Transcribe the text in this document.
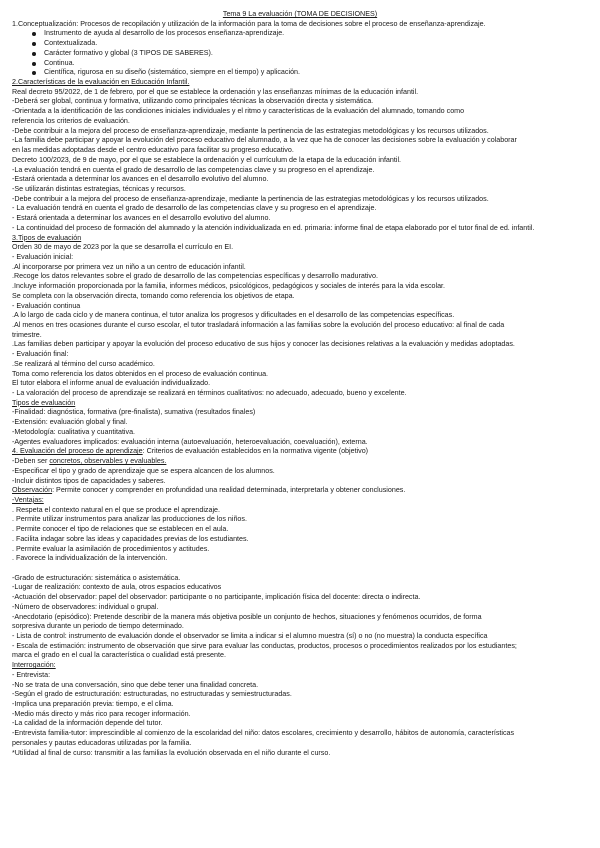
Tema 9 La evaluación (TOMA DE DECISIONES)
1.Conceptualización: Procesos de recopilación y utilización de la información para la toma de decisiones sobre el proceso de enseñanza-aprendizaje.
Instrumento de ayuda al desarrollo de los procesos enseñanza-aprendizaje.
Contextualizada.
Carácter formativo y global (3 TIPOS DE SABERES).
Continua.
Científica, rigurosa en su diseño (sistemático, siempre en el tiempo) y aplicación.
2.Características de la evaluación en Educación Infantil.
Real decreto 95/2022, de 1 de febrero, por el que se establece la ordenación y las enseñanzas mínimas de la educación infantil.
-Deberá ser global, continua y formativa, utilizando como principales técnicas la observación directa y sistemática.
-Orientada a la identificación de las condiciones iniciales individuales y el ritmo y características de la evaluación del alumnado, tomando como
referencia los criterios de evaluación.
-Debe contribuir a la mejora del proceso de enseñanza-aprendizaje, mediante la pertinencia de las estrategias metodológicas y los recursos utilizados.
-La familia debe participar y apoyar la evolución del proceso educativo del alumnado, a la vez que ha de conocer las decisiones sobre la evaluación y colaborar
en las medidas adoptadas desde el centro educativo para facilitar su progreso educativo.
Decreto 100/2023, de 9 de mayo, por el que se establece la ordenación y el currículum de la etapa de la educación infantil.
-La evaluación tendrá en cuenta el grado de desarrollo de las competencias clave y su progreso en el aprendizaje.
-Estará orientada a determinar los avances en el desarrollo evolutivo del alumno.
-Se utilizarán distintas estrategias, técnicas y recursos.
-Debe contribuir a la mejora del proceso de enseñanza-aprendizaje, mediante la pertinencia de las estrategias metodológicas y los recursos utilizados.
- La evaluación tendrá en cuenta el grado de desarrollo de las competencias clave y su progreso en el aprendizaje.
- Estará orientada a determinar los avances en el desarrollo evolutivo del alumno.
- La continuidad del proceso de formación del alumnado y la atención individualizada en ed. primaria: informe final de etapa elaborado por el tutor final de ed. infantil.
3.Tipos de evaluación
Orden 30 de mayo de 2023 por la que se desarrolla el currículo en EI.
- Evaluación inicial:
.Al incorporarse por primera vez un niño a un centro de educación infantil.
.Recoge los datos relevantes sobre el grado de desarrollo de las competencias específicas y desarrollo madurativo.
.Incluye información proporcionada por la familia, informes médicos, psicológicos, pedagógicos y sociales de interés para la vida escolar.
Se completa con la observación directa, tomando como referencia los objetivos de etapa.
- Evaluación continua
.A lo largo de cada ciclo y de manera continua, el tutor analiza los progresos y dificultades en el desarrollo de las competencias específicas.
.Al menos en tres ocasiones durante el curso escolar, el tutor trasladará información a las familias sobre la evolución del proceso educativo: al final de cada
trimestre.
.Las familias deben participar y apoyar la evolución del proceso educativo de sus hijos y conocer las decisiones relativas a la evaluación y medidas adoptadas.
- Evaluación final:
.Se realizará al término del curso académico.
Toma como referencia los datos obtenidos en el proceso de evaluación continua.
El tutor elabora el informe anual de evaluación individualizado.
- La valoración del proceso de aprendizaje se realizará en términos cualitativos: no adecuado, adecuado, bueno y excelente.
Tipos de evaluación
-Finalidad: diagnóstica, formativa (pre-finalista), sumativa (resultados finales)
-Extensión: evaluación global y final.
-Metodología: cualitativa y cuantitativa.
-Agentes evaluadores implicados: evaluación interna (autoevaluación, heteroevaluación, coevaluación), externa.
4. Evaluación del proceso de aprendizaje: Criterios de evaluación establecidos en la normativa vigente (objetivo)
-Deben ser concretos, observables y evaluables.
-Especificar el tipo y grado de aprendizaje que se espera alcancen de los alumnos.
-Incluir distintos tipos de capacidades y saberes.
Observación: Permite conocer y comprender en profundidad una realidad determinada, interpretarla y obtener conclusiones.
-Ventajas:
. Respeta el contexto natural en el que se produce el aprendizaje.
. Permite utilizar instrumentos para analizar las producciones de los niños.
. Permite conocer el tipo de relaciones que se establecen en el aula.
. Facilita indagar sobre las ideas y capacidades previas de los estudiantes.
. Permite evaluar la asimilación de procedimientos y actitudes.
. Favorece la individualización de la intervención.
-Grado de estructuración: sistemática o asistemática.
-Lugar de realización: contexto de aula, otros espacios educativos
-Actuación del observador: papel del observador: participante o no participante, implicación física del docente: directa o indirecta.
-Número de observadores: individual o grupal.
-Anecdotario (episódico): Pretende describir de la manera más objetiva posible un conjunto de hechos, situaciones y fenómenos ocurridos, de forma
sorpresiva durante un periodo de tiempo determinado.
- Lista de control: instrumento de evaluación donde el observador se limita a indicar si el alumno muestra (sí) o no (no muestra) la conducta específica
- Escala de estimación: instrumento de observación que sirve para evaluar las conductas, productos, procesos o procedimientos realizados por los estudiantes;
marca el grado en el cual la característica o cualidad está presente.
Interrogación:
- Entrevista:
-No se trata de una conversación, sino que debe tener una finalidad concreta.
-Según el grado de estructuración: estructuradas, no estructuradas y semiestructuradas.
-Implica una preparación previa: tiempo, e el clima.
-Medio más directo y más rico para recoger información.
-La calidad de la información depende del tutor.
-Entrevista familia-tutor: imprescindible al comienzo de la escolaridad del niño: datos escolares, crecimiento y desarrollo, hábitos de autonomía, características
personales y pautas educadoras utilizadas por la familia.
*Utilidad al final de curso: transmitir a las familias la evolución observada en el niño durante el curso.
